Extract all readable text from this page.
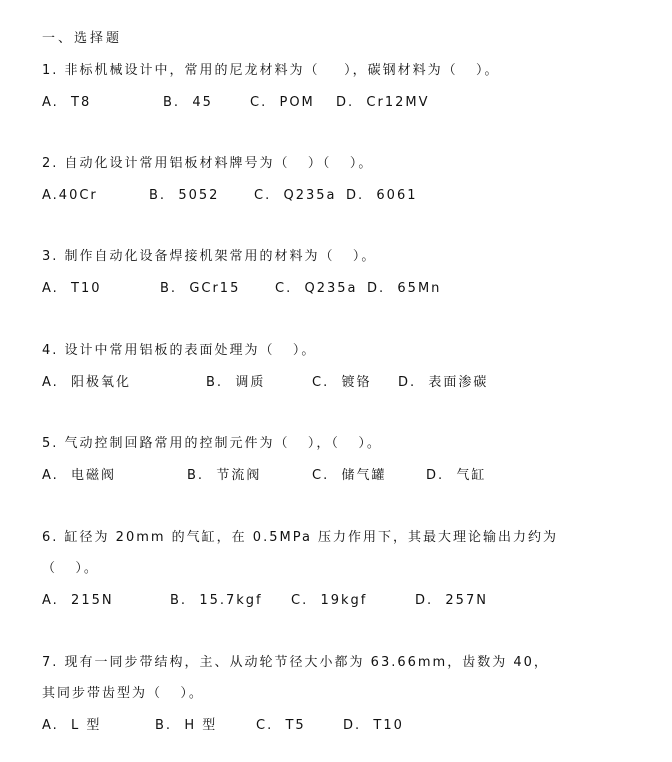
一、选择题
1. 非标机械设计中，常用的尼龙材料为（    ），碳钢材料为（   ）。
A.  T8	B.  45	C.  POM D.  Cr12MV
2. 自动化设计常用铝板材料牌号为（   ）（   ）。
A.40Cr	B.  5052	C.  Q235a D.  6061
3. 制作自动化设备焊接机架常用的材料为（   ）。
A.  T10	B.  GCr15	C.  Q235a D.  65Mn
4. 设计中常用铝板的表面处理为（   ）。
A.  阳极氧化	B.  调质	C.  镀铬 D.  表面渗碳
5. 气动控制回路常用的控制元件为（   ），（   ）。
A.  电磁阀	B.  节流阀	C.  储气罐	D.  气缸
6. 缸径为 20mm 的气缸，在 0.5MPa 压力作用下，其最大理论输出力约为
（   ）。
A.  215N	B.  15.7kgf C.  19kgf	D.  257N
7. 现有一同步带结构，主、从动轮节径大小都为 63.66mm，齿数为 40，
其同步带齿型为（   ）。
A.  L 型	B.  H 型	C.  T5	D.  T10
